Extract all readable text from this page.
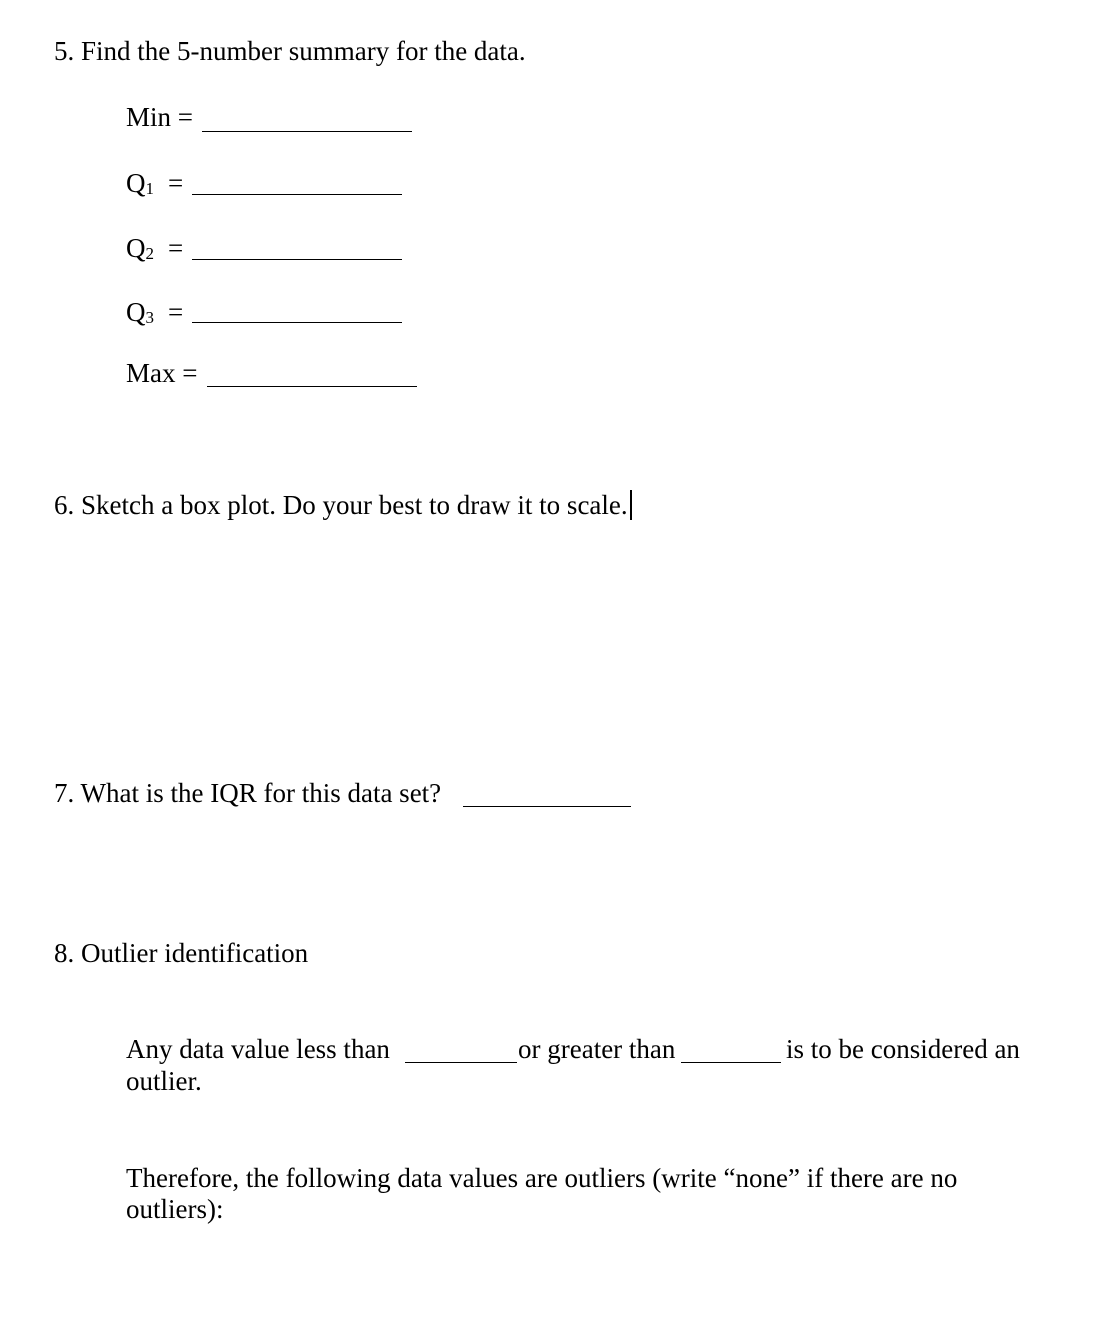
5. Find the 5-number summary for the data.
Min =
$Q_1$ =
$Q_2$ =
$Q_3$ =
Max =
6. Sketch a box plot. Do your best to draw it to scale.
7. What is the IQR for this data set?
8. Outlier identification
Any data value less than	or greater than	is to be considered an
outlier.
Therefore, the following data values are outliers (write “none” if there are no outliers):
